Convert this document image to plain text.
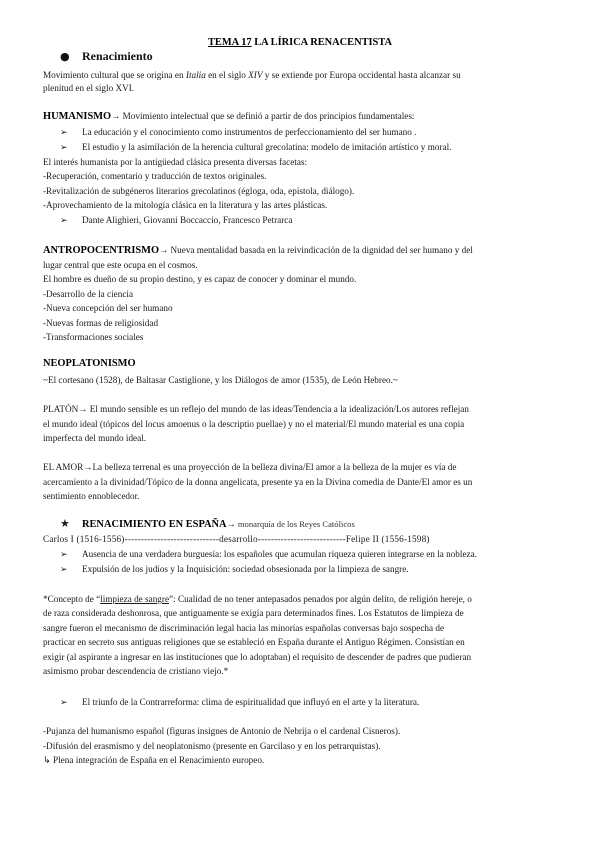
TEMA 17 LA LÍRICA RENACENTISTA
● Renacimiento
Movimiento cultural que se origina en Italia en el siglo XIV y se extiende por Europa occidental hasta alcanzar su
plenitud en el siglo XVI.
HUMANISMO→ Movimiento intelectual que se definió a partir de dos principios fundamentales:
➢ La educación y el conocimiento como instrumentos de perfeccionamiento del ser humano .
➢ El estudio y la asimilación de la herencia cultural grecolatina: modelo de imitación artístico y moral.
El interés humanista por la antigüedad clásica presenta diversas facetas:
-Recuperación, comentario y traducción de textos originales.
-Revitalización de subgéneros literarios grecolatinos (égloga, oda, epístola, diálogo).
-Aprovechamiento de la mitología clásica en la literatura y las artes plásticas.
➢ Dante Alighieri, Giovanni Boccaccio, Francesco Petrarca
ANTROPOCENTRISMO→ Nueva mentalidad basada en la reivindicación de la dignidad del ser humano y del
lugar central que este ocupa en el cosmos.
El hombre es dueño de su propio destino, y es capaz de conocer y dominar el mundo.
-Desarrollo de la ciencia
-Nueva concepción del ser humano
-Nuevas formas de religiosidad
-Transformaciones sociales
NEOPLATONISMO
~El cortesano (1528), de Baltasar Castiglione, y los Diálogos de amor (1535), de León Hebreo.~
PLATÓN→ El mundo sensible es un reflejo del mundo de las ideas/Tendencia a la idealización/Los autores reflejan
el mundo ideal (tópicos del locus amoenus o la descriptio puellae) y no el material/El mundo material es una copia
imperfecta del mundo ideal.
EL AMOR→La belleza terrenal es una proyección de la belleza divina/El amor a la belleza de la mujer es vía de
acercamiento a la divinidad/Tópico de la donna angelicata, presente ya en la Divina comedia de Dante/El amor es un
sentimiento ennoblecedor.
★ RENACIMIENTO EN ESPAÑA→ monarquía de los Reyes Católicos
Carlos I (1516-1556)-----------------------------desarrollo---------------------------Felipe II (1556-1598)
➢ Ausencia de una verdadera burguesía: los españoles que acumulan riqueza quieren integrarse en la nobleza.
➢ Expulsión de los judíos y la Inquisición: sociedad obsesionada por la limpieza de sangre.
*Concepto de “limpieza de sangre”: Cualidad de no tener antepasados penados por algún delito, de religión hereje, o
de raza considerada deshonrosa, que antiguamente se exigía para determinados fines. Los Estatutos de limpieza de
sangre fueron el mecanismo de discriminación legal hacia las minorías españolas conversas bajo sospecha de
practicar en secreto sus antiguas religiones que se estableció en España durante el Antiguo Régimen. Consistían en
exigir (al aspirante a ingresar en las instituciones que lo adoptaban) el requisito de descender de padres que pudieran
asimismo probar descendencia de cristiano viejo.*
➢ El triunfo de la Contrarreforma: clima de espiritualidad que influyó en el arte y la literatura.
-Pujanza del humanismo español (figuras insignes de Antonio de Nebrija o el cardenal Cisneros).
-Difusión del erasmismo y del neoplatonismo (presente en Garcilaso y en los petrarquistas).
↳ Plena integración de España en el Renacimiento europeo.
